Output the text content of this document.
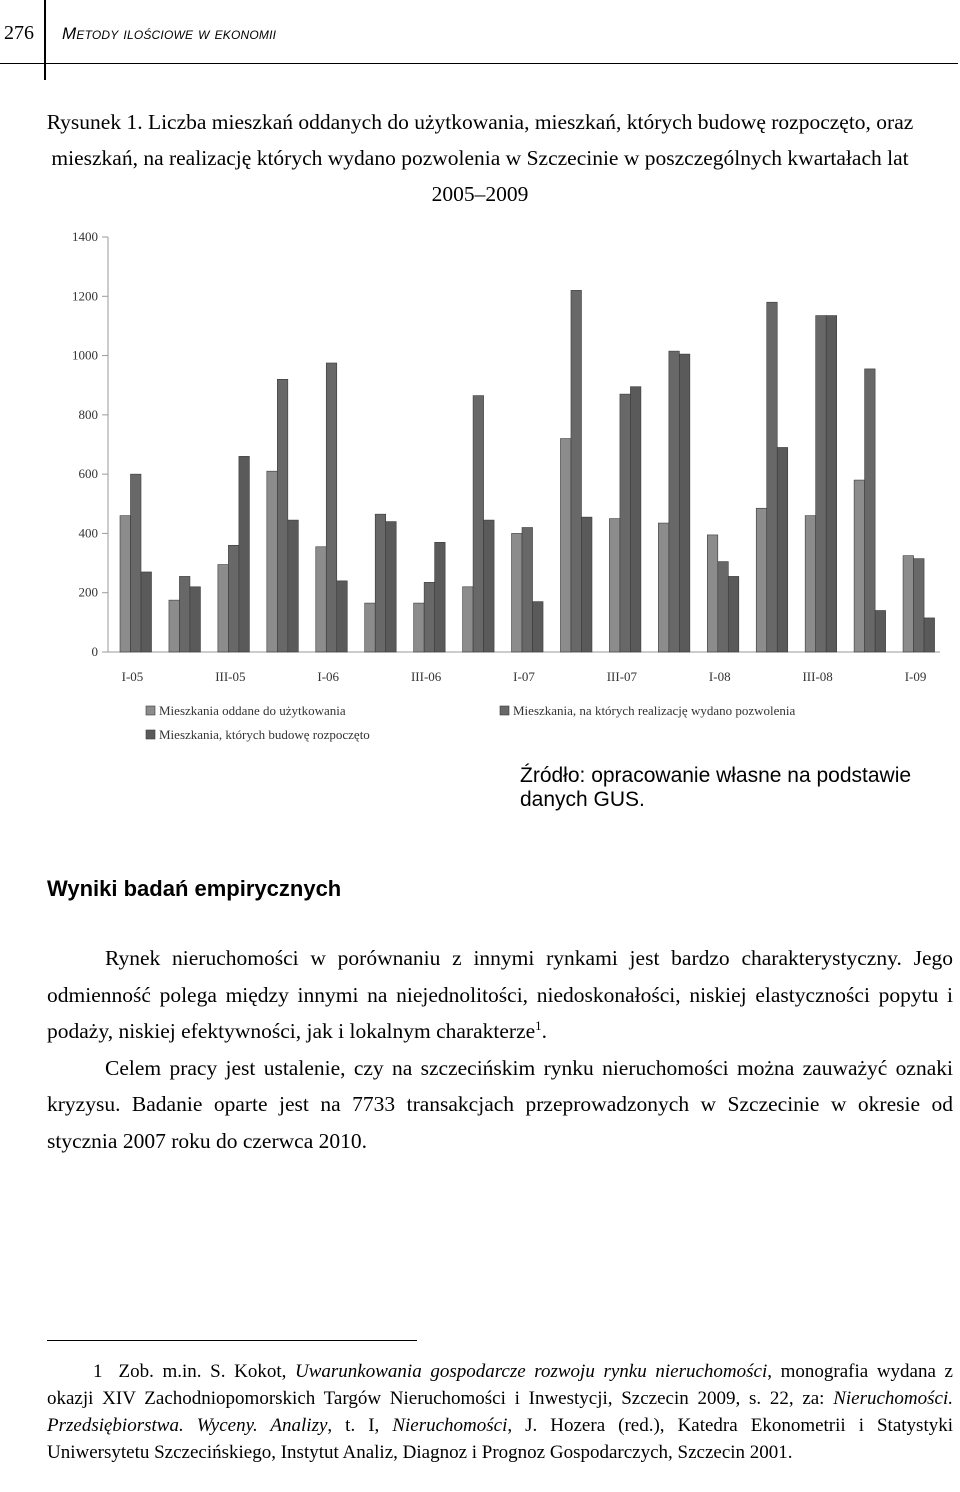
276 Metody ilościowe w ekonomii
Rysunek 1. Liczba mieszkań oddanych do użytkowania, mieszkań, których budowę rozpoczęto, oraz mieszkań, na realizację których wydano pozwolenia w Szczecinie w poszczególnych kwartałach lat 2005–2009
0
200
400
600
800
1000
1200
1400
I-05	III-05	I-06	III-06	I-07	III-07	I-08	III-08	I-09
Mieszkania oddane do użytkowania
Mieszkania, których budowę rozpoczęto
Mieszkania, na których realizację wydano pozwolenia
Źródło: opracowanie własne na podstawie danych GUS.
Wyniki badań empirycznych

Rynek nieruchomości w porównaniu z innymi rynkami jest bardzo charakterystyczny. Jego odmienność polega między innymi na niejednolitości, niedoskonałości, niskiej elastyczności popytu i podaży, niskiej efektywności, jak i lokalnym charakterze$^1$.

Celem pracy jest ustalenie, czy na szczecińskim rynku nieruchomości można zauważyć oznaki kryzysu. Badanie oparte jest na 7733 transakcjach przeprowadzonych w Szczecinie w okresie od stycznia 2007 roku do czerwca 2010.

1 Zob. m.in. S. Kokot, Uwarunkowania gospodarcze rozwoju rynku nieruchomości, monografia wydana z okazji XIV Zachodniopomorskich Targów Nieruchomości i Inwestycji, Szczecin 2009, s. 22, za: Nieruchomości. Przedsiębiorstwa. Wyceny. Analizy, t. I, Nieruchomości, J. Hozera (red.), Katedra Ekonometrii i Statystyki Uniwersytetu Szczecińskiego, Instytut Analiz, Diagnoz i Prognoz Gospodarczych, Szczecin 2001.
